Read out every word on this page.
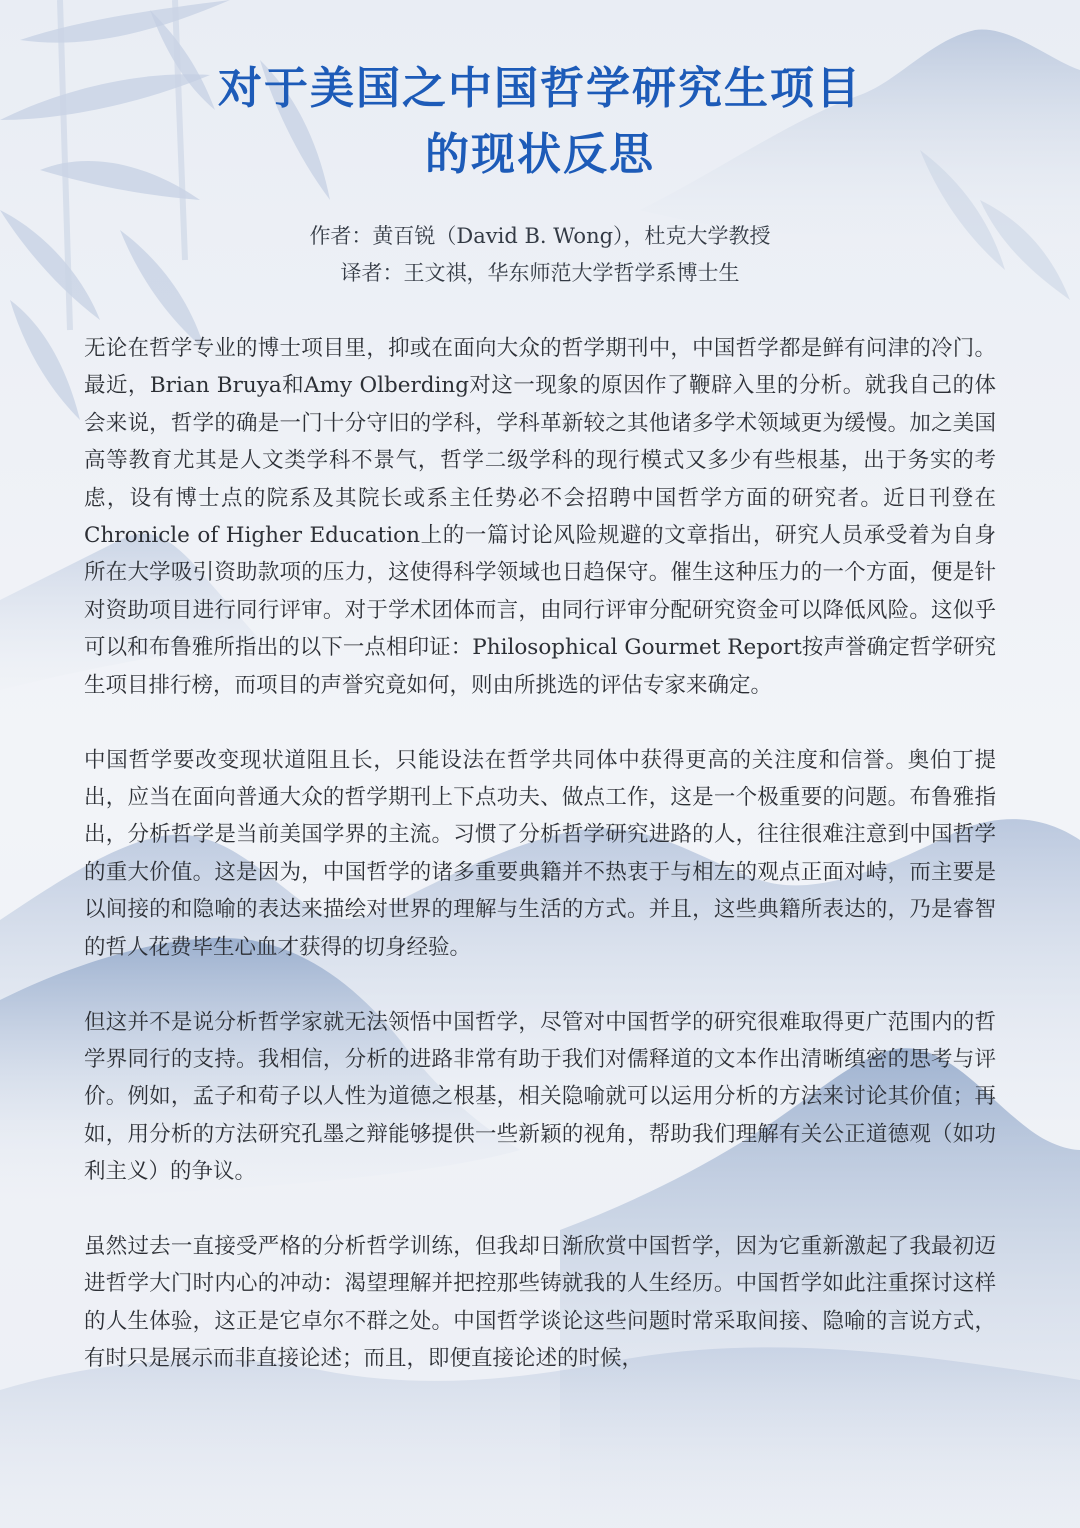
对于美国之中国哲学研究生项目
的现状反思
作者：黄百锐（David B. Wong），杜克大学教授
译者：王文祺，华东师范大学哲学系博士生

无论在哲学专业的博士项目里，抑或在面向大众的哲学期刊中，中国哲学都是鲜有问津的冷门。最近，Brian Bruya和Amy Olberding对这一现象的原因作了鞭辟入里的分析。就我自己的体会来说，哲学的确是一门十分守旧的学科，学科革新较之其他诸多学术领域更为缓慢。加之美国高等教育尤其是人文类学科不景气，哲学二级学科的现行模式又多少有些根基，出于务实的考虑，设有博士点的院系及其院长或系主任势必不会招聘中国哲学方面的研究者。近日刊登在Chronicle of Higher Education上的一篇讨论风险规避的文章指出，研究人员承受着为自身所在大学吸引资助款项的压力，这使得科学领域也日趋保守。催生这种压力的一个方面，便是针对资助项目进行同行评审。对于学术团体而言，由同行评审分配研究资金可以降低风险。这似乎可以和布鲁雅所指出的以下一点相印证：Philosophical Gourmet Report按声誉确定哲学研究生项目排行榜，而项目的声誉究竟如何，则由所挑选的评估专家来确定。

中国哲学要改变现状道阻且长，只能设法在哲学共同体中获得更高的关注度和信誉。奥伯丁提出，应当在面向普通大众的哲学期刊上下点功夫、做点工作，这是一个极重要的问题。布鲁雅指出，分析哲学是当前美国学界的主流。习惯了分析哲学研究进路的人，往往很难注意到中国哲学的重大价值。这是因为，中国哲学的诸多重要典籍并不热衷于与相左的观点正面对峙，而主要是以间接的和隐喻的表达来描绘对世界的理解与生活的方式。并且，这些典籍所表达的，乃是睿智的哲人花费毕生心血才获得的切身经验。

但这并不是说分析哲学家就无法领悟中国哲学，尽管对中国哲学的研究很难取得更广范围内的哲学界同行的支持。我相信，分析的进路非常有助于我们对儒释道的文本作出清晰缜密的思考与评价。例如，孟子和荀子以人性为道德之根基，相关隐喻就可以运用分析的方法来讨论其价值；再如，用分析的方法研究孔墨之辩能够提供一些新颖的视角，帮助我们理解有关公正道德观（如功利主义）的争议。

虽然过去一直接受严格的分析哲学训练，但我却日渐欣赏中国哲学，因为它重新激起了我最初迈进哲学大门时内心的冲动：渴望理解并把控那些铸就我的人生经历。中国哲学如此注重探讨这样的人生体验，这正是它卓尔不群之处。中国哲学谈论这些问题时常采取间接、隐喻的言说方式，有时只是展示而非直接论述；而且，即便直接论述的时候，
